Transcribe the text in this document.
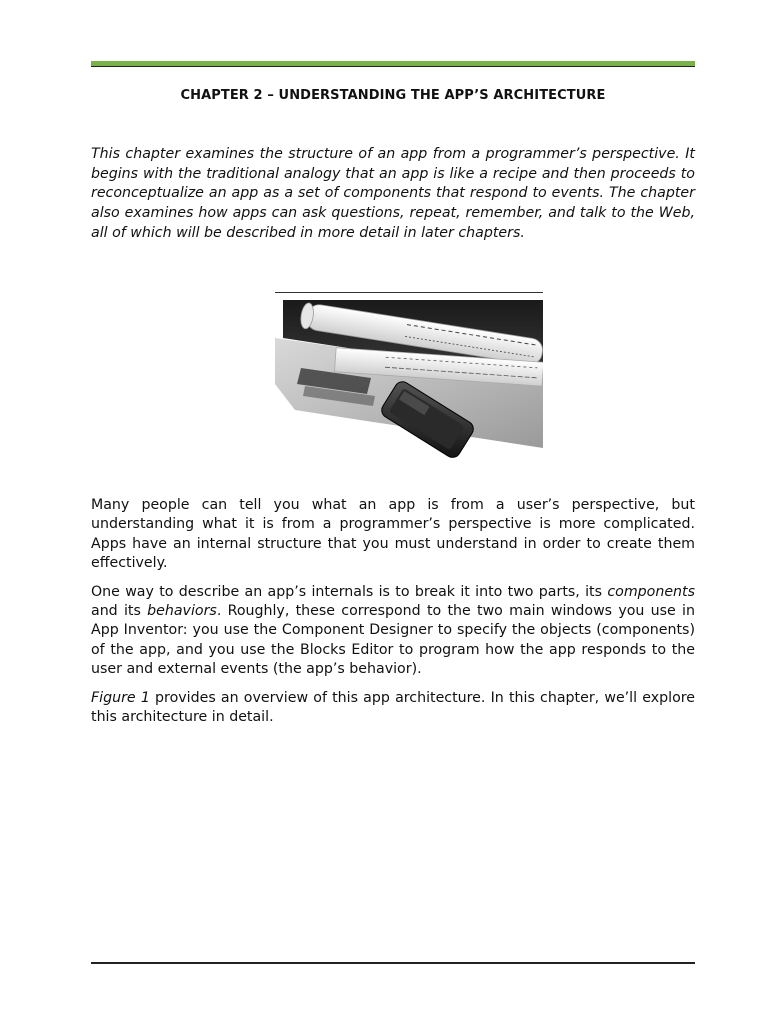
CHAPTER 2 – UNDERSTANDING THE APP’S ARCHITECTURE

This chapter examines the structure of an app from a programmer’s perspective. It begins with the traditional analogy that an app is like a recipe and then proceeds to reconceptualize an app as a set of components that respond to events. The chapter also examines how apps can ask questions, repeat, remember, and talk to the Web, all of which will be described in more detail in later chapters.

Many people can tell you what an app is from a user’s perspective, but understanding what it is from a programmer’s perspective is more complicated. Apps have an internal structure that you must understand in order to create them effectively.

One way to describe an app’s internals is to break it into two parts, its components and its behaviors. Roughly, these correspond to the two main windows you use in App Inventor: you use the Component Designer to specify the objects (components) of the app, and you use the Blocks Editor to program how the app responds to the user and external events (the app’s behavior).

Figure 1 provides an overview of this app architecture. In this chapter, we’ll explore this architecture in detail.
